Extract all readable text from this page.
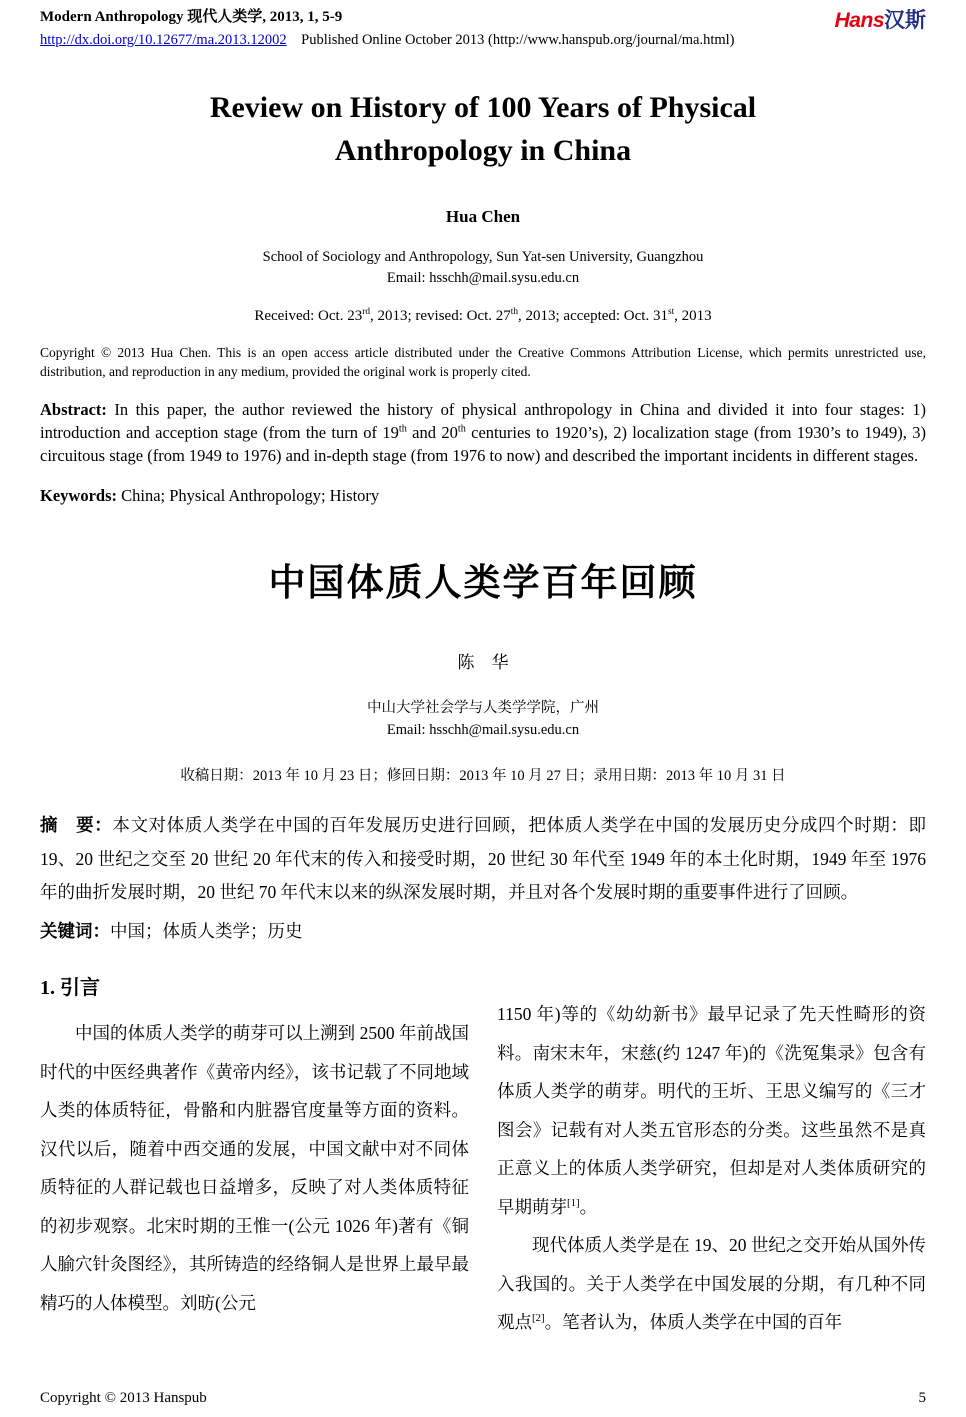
Modern Anthropology 现代人类学, 2013, 1, 5-9
http://dx.doi.org/10.12677/ma.2013.12002 Published Online October 2013 (http://www.hanspub.org/journal/ma.html)
Hans汉斯
Review on History of 100 Years of Physical
Anthropology in China
Hua Chen
School of Sociology and Anthropology, Sun Yat-sen University, Guangzhou
Email: hsschh@mail.sysu.edu.cn
Received: Oct. 23rd, 2013; revised: Oct. 27th, 2013; accepted: Oct. 31st, 2013
Copyright © 2013 Hua Chen. This is an open access article distributed under the Creative Commons Attribution License, which permits unrestricted use, distribution, and reproduction in any medium, provided the original work is properly cited.
Abstract: In this paper, the author reviewed the history of physical anthropology in China and divided it into four stages: 1) introduction and acception stage (from the turn of 19th and 20th centuries to 1920’s), 2) localization stage (from 1930’s to 1949), 3) circuitous stage (from 1949 to 1976) and in-depth stage (from 1976 to now) and described the important incidents in different stages.
Keywords: China; Physical Anthropology; History
中国体质人类学百年回顾
陈　华
中山大学社会学与人类学学院，广州
Email: hsschh@mail.sysu.edu.cn
收稿日期：2013 年 10 月 23 日；修回日期：2013 年 10 月 27 日；录用日期：2013 年 10 月 31 日
摘　要：本文对体质人类学在中国的百年发展历史进行回顾，把体质人类学在中国的发展历史分成四个时期：即 19、20 世纪之交至 20 世纪 20 年代末的传入和接受时期，20 世纪 30 年代至 1949 年的本土化时期，1949 年至 1976 年的曲折发展时期，20 世纪 70 年代末以来的纵深发展时期，并且对各个发展时期的重要事件进行了回顾。
关键词：中国；体质人类学；历史
1. 引言

中国的体质人类学的萌芽可以上溯到 2500 年前战国时代的中医经典著作《黄帝内经》，该书记载了不同地域人类的体质特征，骨骼和内脏器官度量等方面的资料。汉代以后，随着中西交通的发展，中国文献中对不同体质特征的人群记载也日益增多，反映了对人类体质特征的初步观察。北宋时期的王惟一(公元 1026 年)著有《铜人腧穴针灸图经》，其所铸造的经络铜人是世界上最早最精巧的人体模型。刘昉(公元

1150 年)等的《幼幼新书》最早记录了先天性畸形的资料。南宋末年，宋慈(约 1247 年)的《洗冤集录》包含有体质人类学的萌芽。明代的王圻、王思义编写的《三才图会》记载有对人类五官形态的分类。这些虽然不是真正意义上的体质人类学研究，但却是对人类体质研究的早期萌芽[1]。

现代体质人类学是在 19、20 世纪之交开始从国外传入我国的。关于人类学在中国发展的分期，有几种不同观点[2]。笔者认为，体质人类学在中国的百年

Copyright © 2013 Hanspub	5
